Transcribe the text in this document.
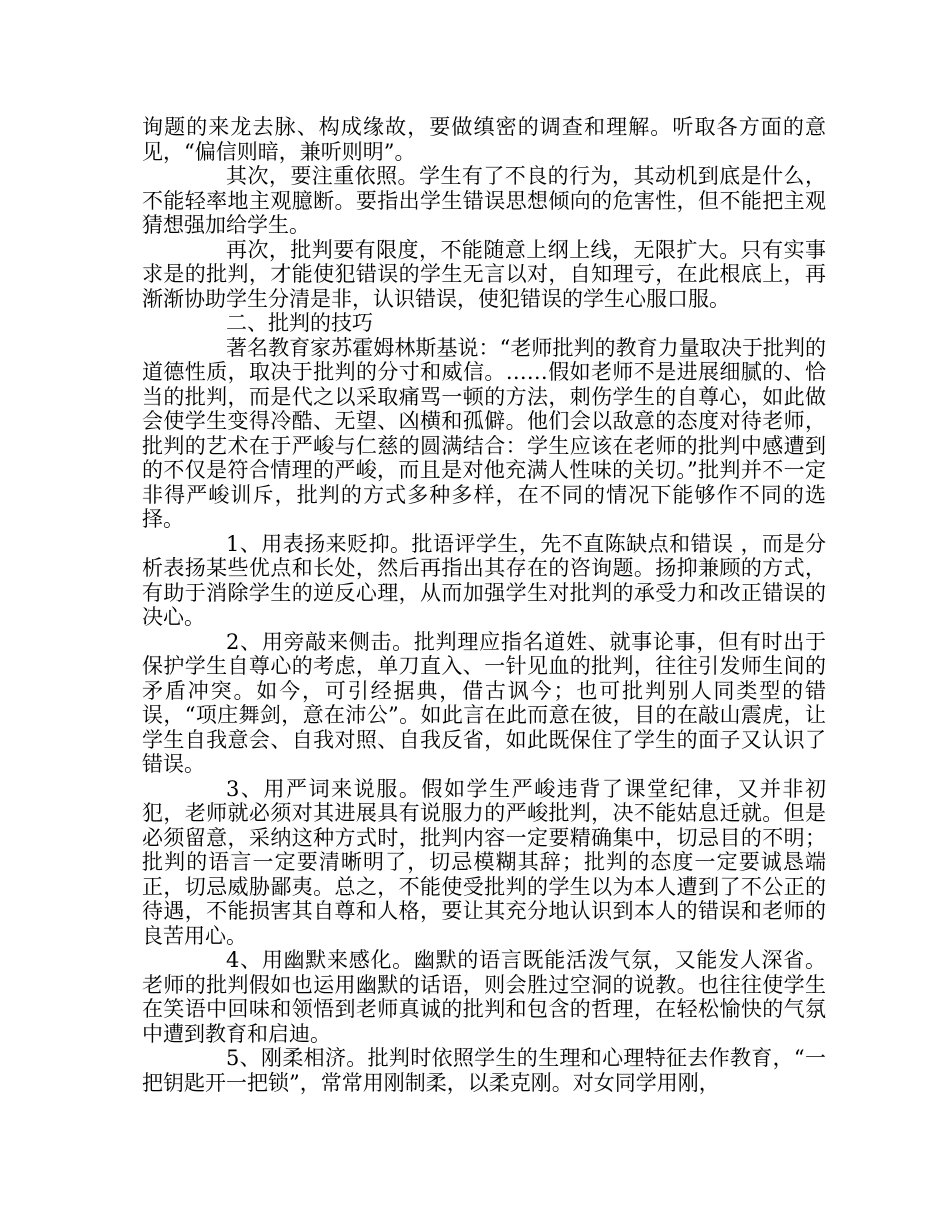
询题的来龙去脉、构成缘故，要做缜密的调查和理解。听取各方面的意见，“偏信则暗，兼听则明”。

其次，要注重依照。学生有了不良的行为，其动机到底是什么，不能轻率地主观臆断。要指出学生错误思想倾向的危害性，但不能把主观猜想强加给学生。

再次，批判要有限度，不能随意上纲上线，无限扩大。只有实事求是的批判，才能使犯错误的学生无言以对，自知理亏，在此根底上，再渐渐协助学生分清是非，认识错误，使犯错误的学生心服口服。

二、批判的技巧

著名教育家苏霍姆林斯基说：“老师批判的教育力量取决于批判的道德性质，取决于批判的分寸和威信。……假如老师不是进展细腻的、恰当的批判，而是代之以采取痛骂一顿的方法，刺伤学生的自尊心，如此做会使学生变得冷酷、无望、凶横和孤僻。他们会以敌意的态度对待老师，批判的艺术在于严峻与仁慈的圆满结合：学生应该在老师的批判中感遭到的不仅是符合情理的严峻，而且是对他充满人性味的关切。”批判并不一定非得严峻训斥，批判的方式多种多样，在不同的情况下能够作不同的选择。

1、用表扬来贬抑。批语评学生，先不直陈缺点和错误 ，而是分析表扬某些优点和长处，然后再指出其存在的咨询题。扬抑兼顾的方式，有助于消除学生的逆反心理，从而加强学生对批判的承受力和改正错误的决心。

2、用旁敲来侧击。批判理应指名道姓、就事论事，但有时出于保护学生自尊心的考虑，单刀直入、一针见血的批判，往往引发师生间的矛盾冲突。如今，可引经据典，借古讽今；也可批判别人同类型的错误，“项庄舞剑，意在沛公”。如此言在此而意在彼，目的在敲山震虎，让学生自我意会、自我对照、自我反省，如此既保住了学生的面子又认识了错误。

3、用严词来说服。假如学生严峻违背了课堂纪律，又并非初犯，老师就必须对其进展具有说服力的严峻批判，决不能姑息迁就。但是必须留意，采纳这种方式时，批判内容一定要精确集中，切忌目的不明；批判的语言一定要清晰明了，切忌模糊其辞；批判的态度一定要诚恳端正，切忌威胁鄙夷。总之，不能使受批判的学生以为本人遭到了不公正的待遇，不能损害其自尊和人格，要让其充分地认识到本人的错误和老师的良苦用心。

4、用幽默来感化。幽默的语言既能活泼气氛，又能发人深省。老师的批判假如也运用幽默的话语，则会胜过空洞的说教。也往往使学生在笑语中回味和领悟到老师真诚的批判和包含的哲理，在轻松愉快的气氛中遭到教育和启迪。

5、刚柔相济。批判时依照学生的生理和心理特征去作教育，“一把钥匙开一把锁”，常常用刚制柔，以柔克刚。对女同学用刚，
